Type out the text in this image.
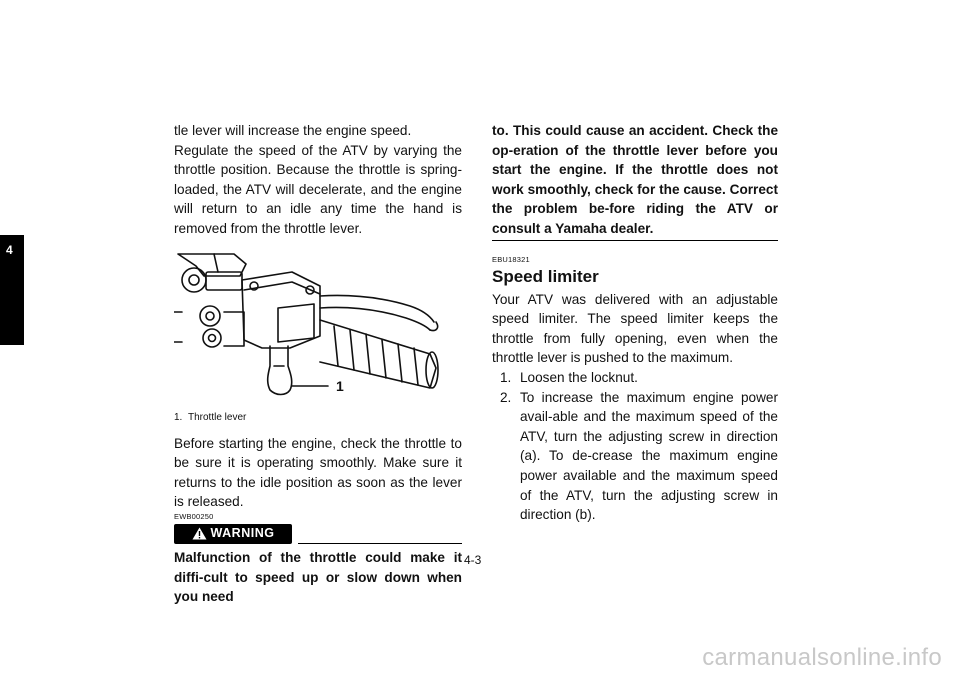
4

tle lever will increase the engine speed.

Regulate the speed of the ATV by varying the throttle position. Because the throttle is spring-loaded, the ATV will decelerate, and the engine will return to an idle any time the hand is removed from the throttle lever.

1
1. Throttle lever

Before starting the engine, check the throttle to be sure it is operating smoothly. Make sure it returns to the idle position as soon as the lever is released.

EWB00250
WARNING

Malfunction of the throttle could make it diffi-cult to speed up or slow down when you need

to. This could cause an accident. Check the op-eration of the throttle lever before you start the engine. If the throttle does not work smoothly, check for the cause. Correct the problem be-fore riding the ATV or consult a Yamaha dealer.

EBU18321
Speed limiter

Your ATV was delivered with an adjustable speed limiter. The speed limiter keeps the throttle from fully opening, even when the throttle lever is pushed to the maximum.

1. Loosen the locknut.
2. To increase the maximum engine power avail-able and the maximum speed of the ATV, turn the adjusting screw in direction (a). To de-crease the maximum engine power available and the maximum speed of the ATV, turn the adjusting screw in direction (b).
4-3
carmanualsonline.info
